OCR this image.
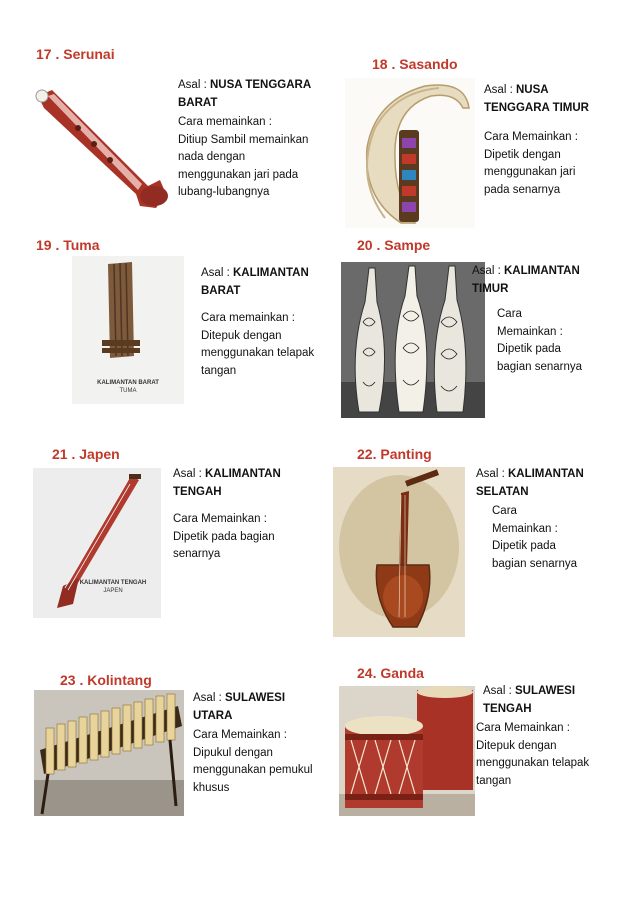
17 . Serunai
Asal : NUSA TENGGARA BARAT
Cara memainkan :
Ditiup Sambil memainkan nada dengan menggunakan jari pada lubang-lubangnya
18 . Sasando
Asal : NUSA TENGGARA TIMUR
Cara Memainkan :
Dipetik dengan menggunakan jari pada senarnya
19 . Tuma
KALIMANTAN BARAT
TUMA
Asal : KALIMANTAN BARAT
Cara memainkan :
Ditepuk dengan menggunakan telapak tangan
20 . Sampe
Asal : KALIMANTAN TIMUR
Cara
Memainkan :
Dipetik pada bagian senarnya
21 . Japen
KALIMANTAN TENGAH
JAPEN
Asal : KALIMANTAN TENGAH
Cara Memainkan :
Dipetik pada bagian senarnya
22. Panting
Asal : KALIMANTAN SELATAN
Cara
Memainkan :
Dipetik pada bagian senarnya
23 . Kolintang
Asal : SULAWESI UTARA
Cara Memainkan :
Dipukul dengan menggunakan pemukul khusus
24. Ganda
Asal : SULAWESI TENGAH
Cara Memainkan :
Ditepuk dengan menggunakan telapak tangan
